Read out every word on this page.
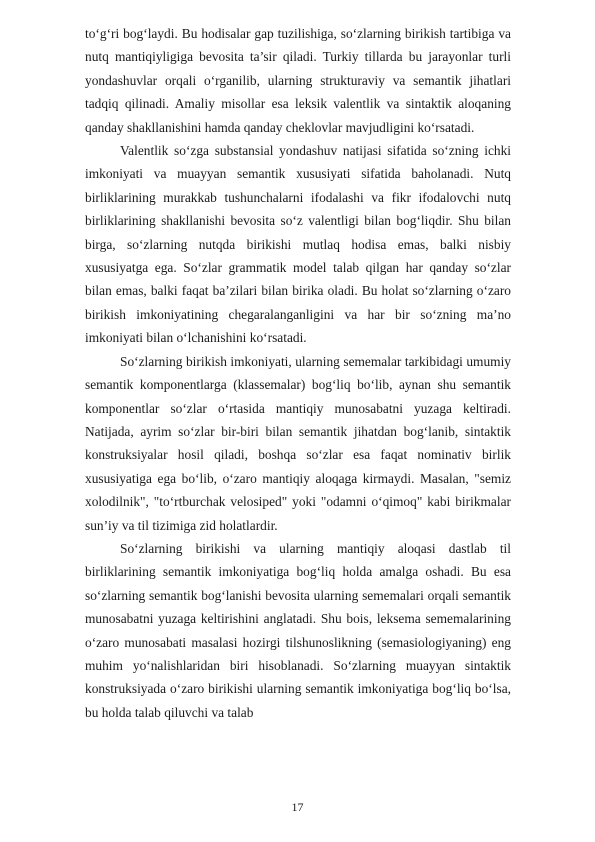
to‘g‘ri bog‘laydi. Bu hodisalar gap tuzilishiga, so‘zlarning birikish tartibiga va nutq mantiqiyligiga bevosita ta’sir qiladi. Turkiy tillarda bu jarayonlar turli yondashuvlar orqali o‘rganilib, ularning strukturaviy va semantik jihatlari tadqiq qilinadi. Amaliy misollar esa leksik valentlik va sintaktik aloqaning qanday shakllanishini hamda qanday cheklovlar mavjudligini ko‘rsatadi.

Valentlik so‘zga substansial yondashuv natijasi sifatida so‘zning ichki imkoniyati va muayyan semantik xususiyati sifatida baholanadi. Nutq birliklarining murakkab tushunchalarni ifodalashi va fikr ifodalovchi nutq birliklarining shakllanishi bevosita so‘z valentligi bilan bog‘liqdir. Shu bilan birga, so‘zlarning nutqda birikishi mutlaq hodisa emas, balki nisbiy xususiyatga ega. So‘zlar grammatik model talab qilgan har qanday so‘zlar bilan emas, balki faqat ba’zilari bilan birika oladi. Bu holat so‘zlarning o‘zaro birikish imkoniyatining chegaralanganligini va har bir so‘zning ma’no imkoniyati bilan o‘lchanishini ko‘rsatadi.

So‘zlarning birikish imkoniyati, ularning sememalar tarkibidagi umumiy semantik komponentlarga (klassemalar) bog‘liq bo‘lib, aynan shu semantik komponentlar so‘zlar o‘rtasida mantiqiy munosabatni yuzaga keltiradi. Natijada, ayrim so‘zlar bir-biri bilan semantik jihatdan bog‘lanib, sintaktik konstruksiyalar hosil qiladi, boshqa so‘zlar esa faqat nominativ birlik xususiyatiga ega bo‘lib, o‘zaro mantiqiy aloqaga kirmaydi. Masalan, "semiz xolodilnik", "to‘rtburchak velosiped" yoki "odamni o‘qimoq" kabi birikmalar sun’iy va til tizimiga zid holatlardir.

So‘zlarning birikishi va ularning mantiqiy aloqasi dastlab til birliklarining semantik imkoniyatiga bog‘liq holda amalga oshadi. Bu esa so‘zlarning semantik bog‘lanishi bevosita ularning sememalari orqali semantik munosabatni yuzaga keltirishini anglatadi. Shu bois, leksema sememalarining o‘zaro munosabati masalasi hozirgi tilshunoslikning (semasiologiyaning) eng muhim yo‘nalishlaridan biri hisoblanadi. So‘zlarning muayyan sintaktik konstruksiyada o‘zaro birikishi ularning semantik imkoniyatiga bog‘liq bo‘lsa, bu holda talab qiluvchi va talab

17
